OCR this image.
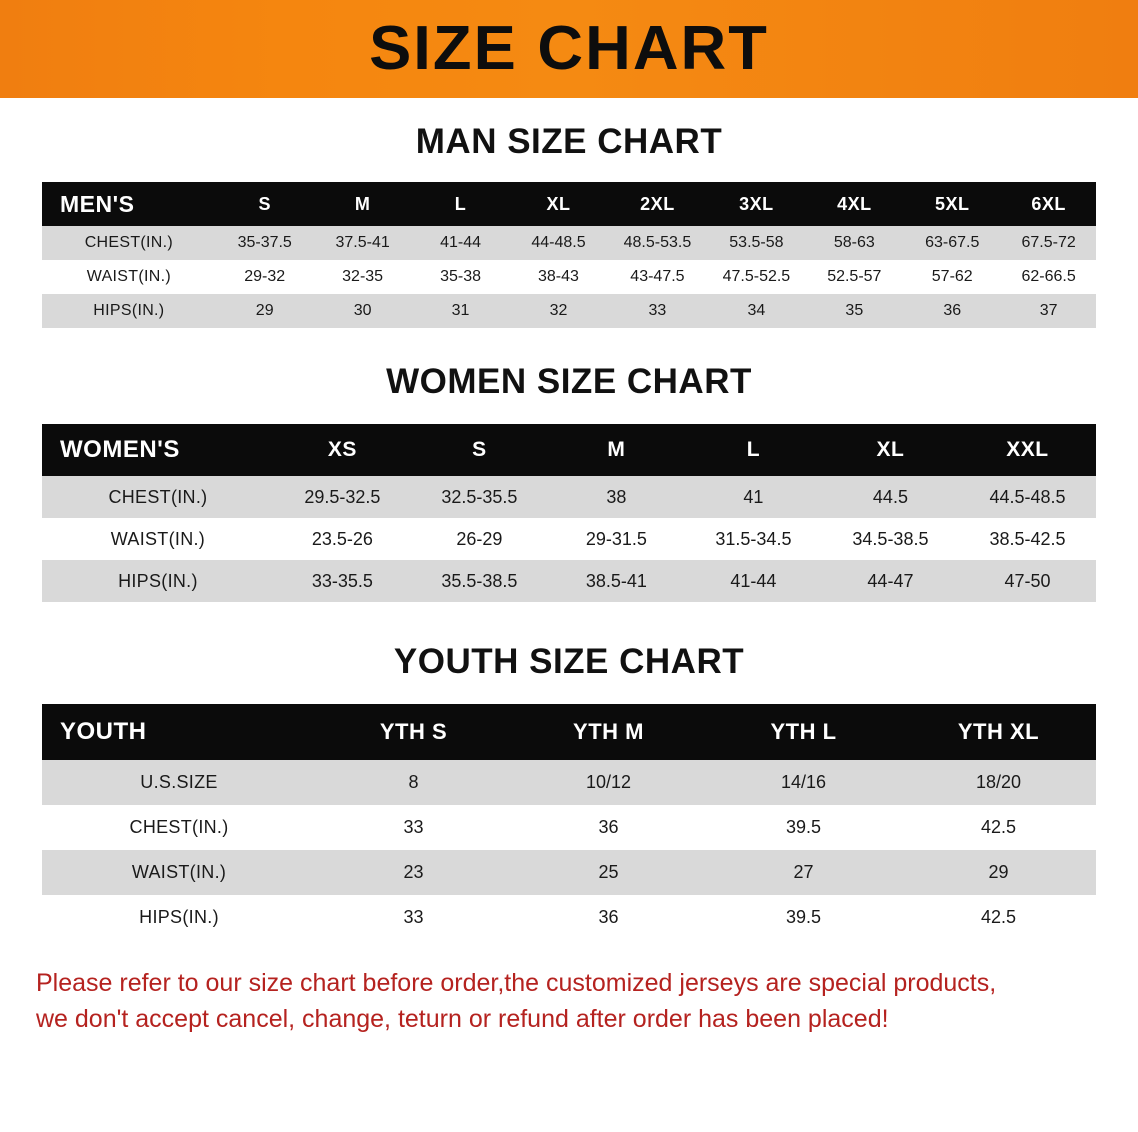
SIZE CHART
MAN SIZE CHART
MEN'S	S	M	L	XL	2XL	3XL	4XL	5XL	6XL
CHEST(IN.)	35-37.5	37.5-41	41-44	44-48.5	48.5-53.5	53.5-58	58-63	63-67.5	67.5-72
WAIST(IN.)	29-32	32-35	35-38	38-43	43-47.5	47.5-52.5	52.5-57	57-62	62-66.5
HIPS(IN.)	29	30	31	32	33	34	35	36	37
WOMEN SIZE CHART
WOMEN'S	XS	S	M	L	XL	XXL
CHEST(IN.)	29.5-32.5	32.5-35.5	38	41	44.5	44.5-48.5
WAIST(IN.)	23.5-26	26-29	29-31.5	31.5-34.5	34.5-38.5	38.5-42.5
HIPS(IN.)	33-35.5	35.5-38.5	38.5-41	41-44	44-47	47-50
YOUTH SIZE CHART
YOUTH	YTH S	YTH M	YTH L	YTH XL
U.S.SIZE	8	10/12	14/16	18/20
CHEST(IN.)	33	36	39.5	42.5
WAIST(IN.)	23	25	27	29
HIPS(IN.)	33	36	39.5	42.5
Please refer to our size chart before order,the customized jerseys are special products,
we don't accept cancel, change, teturn or refund after order has been placed!
